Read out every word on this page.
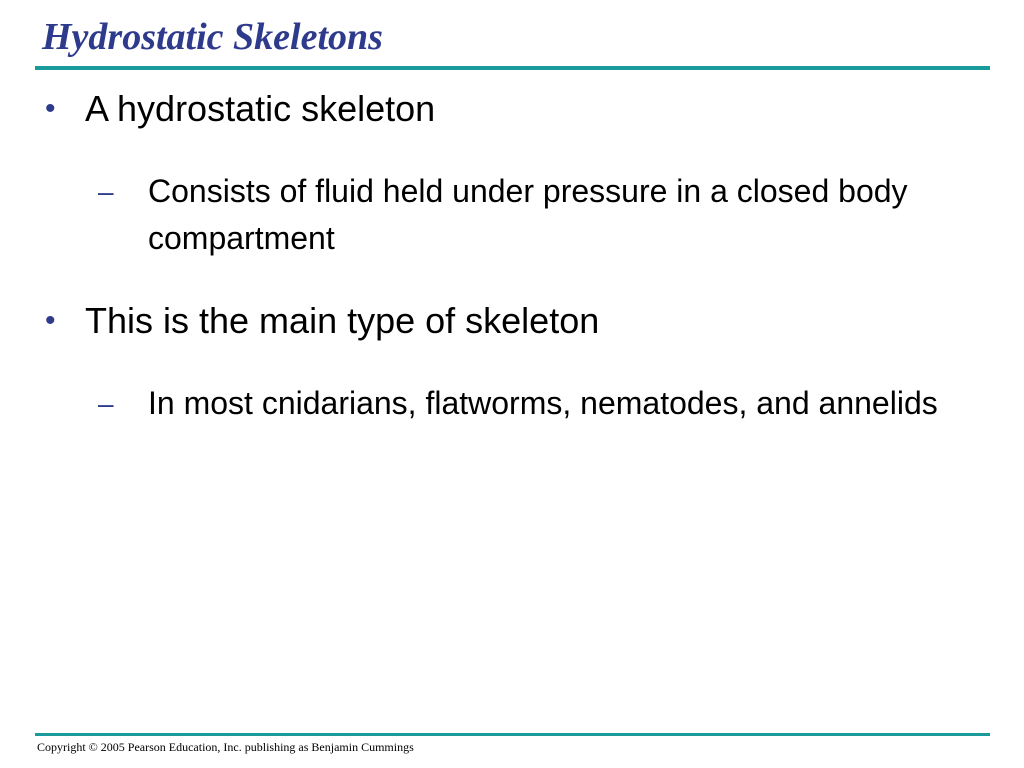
Hydrostatic Skeletons
• A hydrostatic skeleton
– Consists of fluid held under pressure in a closed body compartment
• This is the main type of skeleton
– In most cnidarians, flatworms, nematodes, and annelids
Copyright © 2005 Pearson Education, Inc. publishing as Benjamin Cummings
